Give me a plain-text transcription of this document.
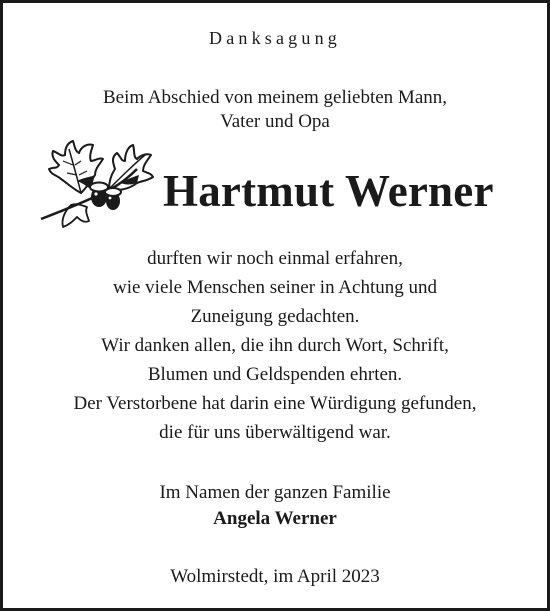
Danksagung
Beim Abschied von meinem geliebten Mann,
Vater und Opa
Hartmut Werner
durften wir noch einmal erfahren,
wie viele Menschen seiner in Achtung und
Zuneigung gedachten.
Wir danken allen, die ihn durch Wort, Schrift,
Blumen und Geldspenden ehrten.
Der Verstorbene hat darin eine Würdigung gefunden,
die für uns überwältigend war.
Im Namen der ganzen Familie
Angela Werner
Wolmirstedt, im April 2023
